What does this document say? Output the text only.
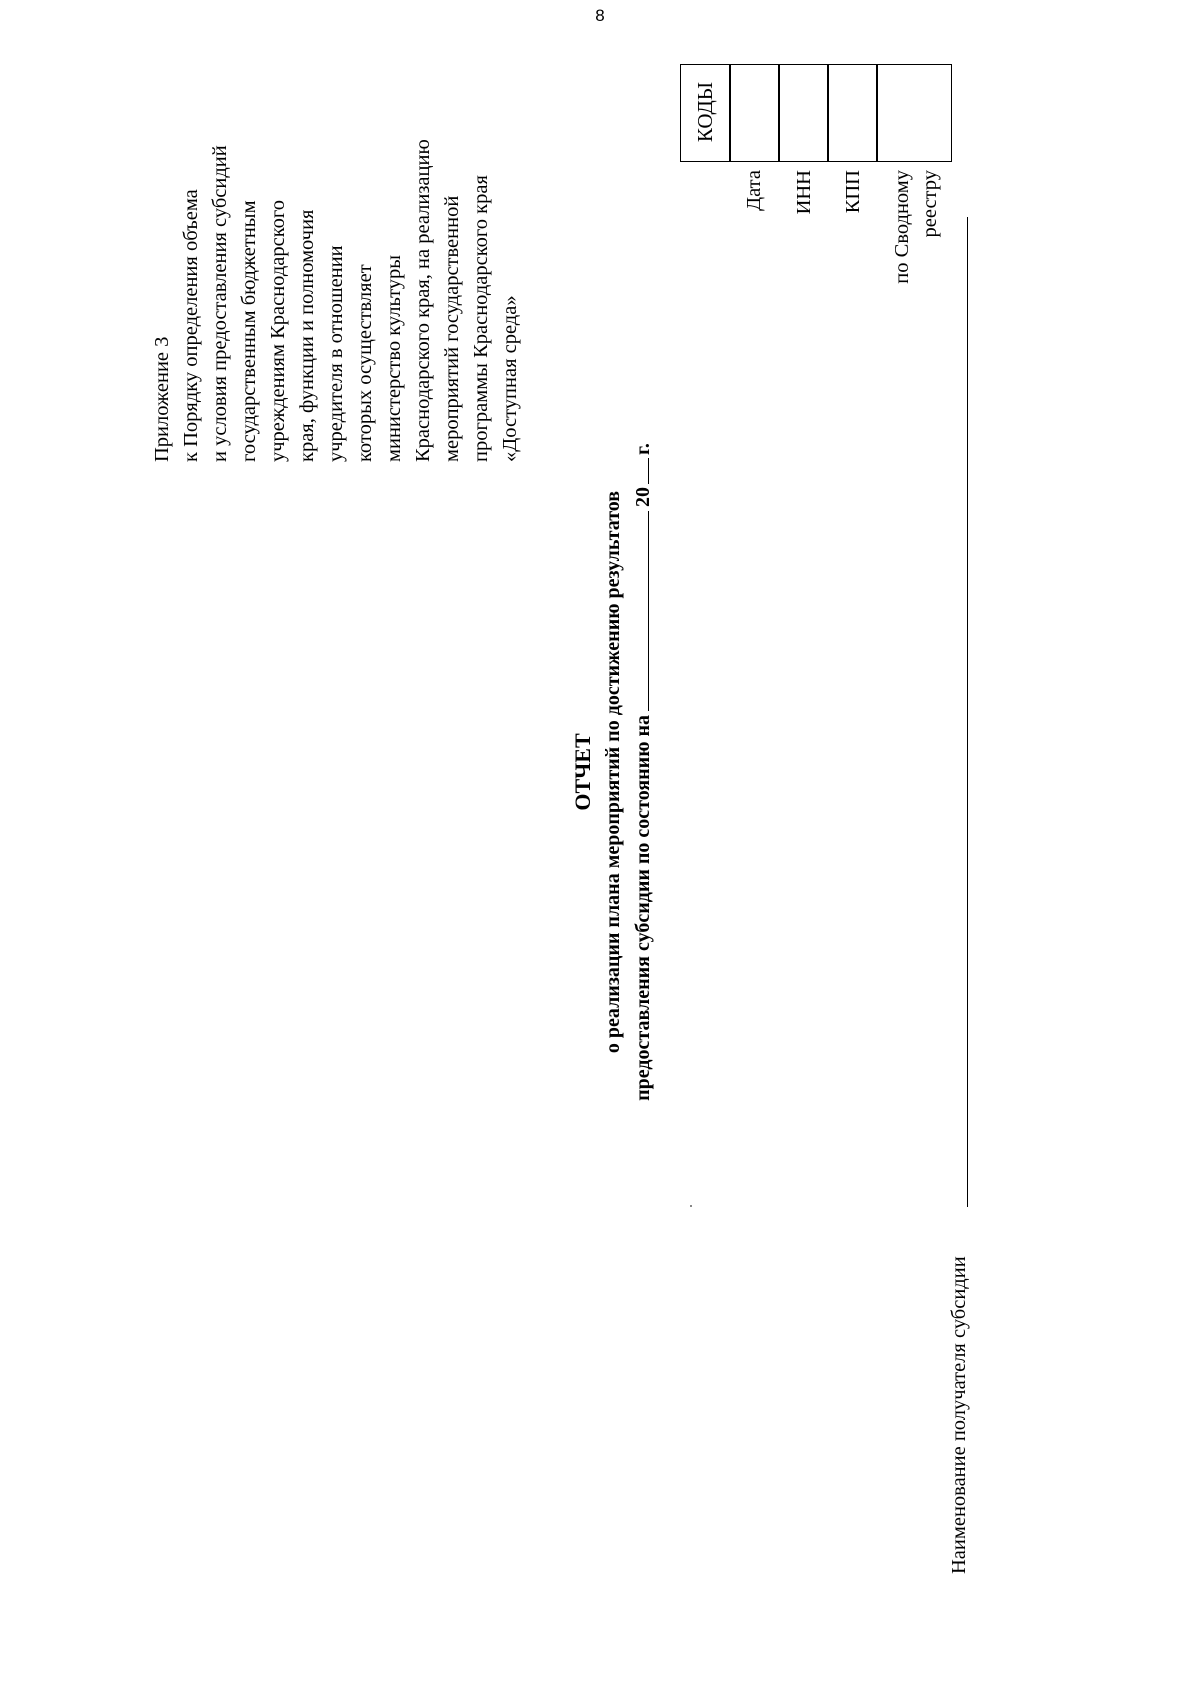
8
Приложение 3 к Порядку определения объема и условия предоставления субсидий государственным бюджетным учреждениям Краснодарского края, функции и полномочия учредителя в отношении которых осуществляет министерство культуры Краснодарского края, на реализацию мероприятий государственной программы Краснодарского края «Доступная среда»
ОТЧЕТ о реализации плана мероприятий по достижению результатов предоставления субсидии по состоянию на20г.
КОДЫ
Дата ИНН КПП по Сводному реестру
Наименование получателя субсидии
